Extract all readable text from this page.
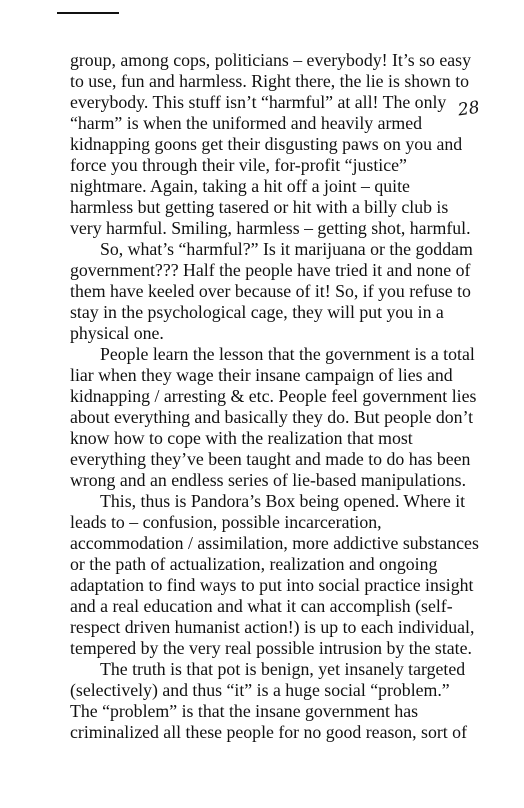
28
group, among cops, politicians – everybody! It’s so easy
to use, fun and harmless. Right there, the lie is shown to
everybody. This stuff isn’t “harmful” at all! The only
“harm” is when the uniformed and heavily armed
kidnapping goons get their disgusting paws on you and
force you through their vile, for-profit “justice”
nightmare. Again, taking a hit off a joint – quite
harmless but getting tasered or hit with a billy club is
very harmful. Smiling, harmless – getting shot, harmful.
So, what’s “harmful?” Is it marijuana or the goddam
government??? Half the people have tried it and none of
them have keeled over because of it! So, if you refuse to
stay in the psychological cage, they will put you in a
physical one.
People learn the lesson that the government is a total
liar when they wage their insane campaign of lies and
kidnapping / arresting & etc. People feel government lies
about everything and basically they do. But people don’t
know how to cope with the realization that most
everything they’ve been taught and made to do has been
wrong and an endless series of lie-based manipulations.
This, thus is Pandora’s Box being opened. Where it
leads to – confusion, possible incarceration,
accommodation / assimilation, more addictive substances
or the path of actualization, realization and ongoing
adaptation to find ways to put into social practice insight
and a real education and what it can accomplish (self-
respect driven humanist action!) is up to each individual,
tempered by the very real possible intrusion by the state.
The truth is that pot is benign, yet insanely targeted
(selectively) and thus “it” is a huge social “problem.”
The “problem” is that the insane government has
criminalized all these people for no good reason, sort of
